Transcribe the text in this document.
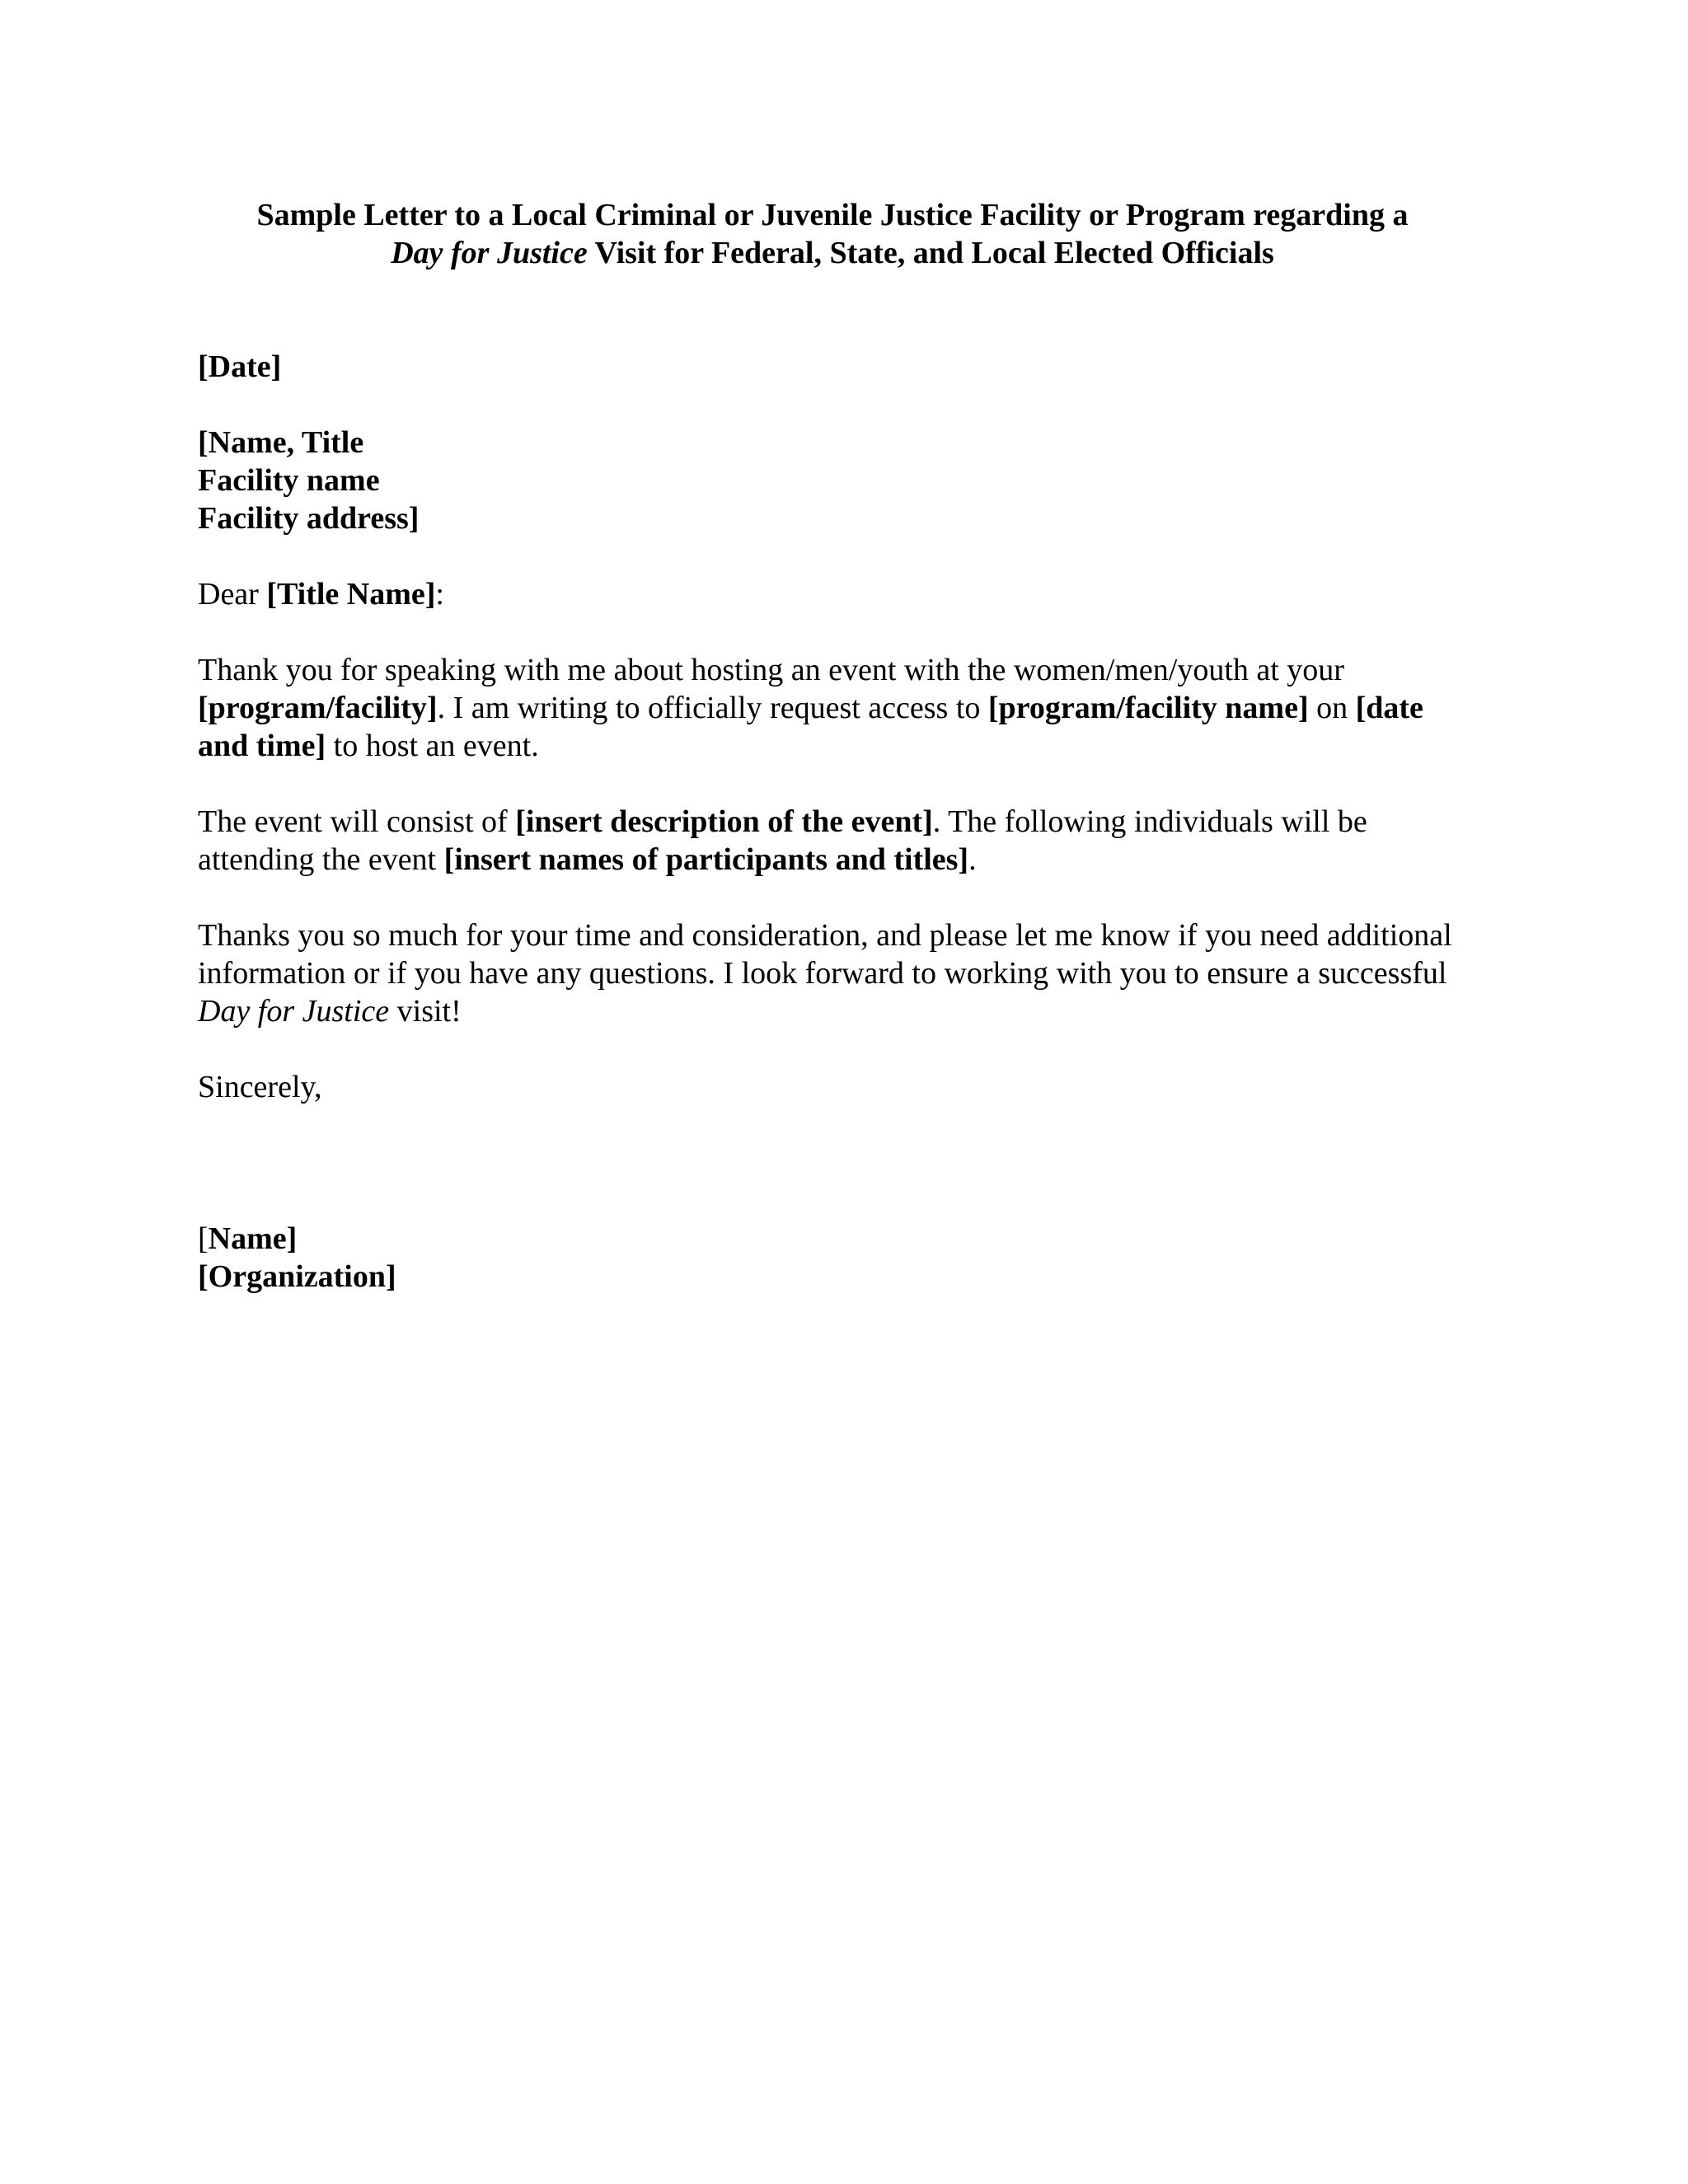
Sample Letter to a Local Criminal or Juvenile Justice Facility or Program regarding a
Day for Justice Visit for Federal, State, and Local Elected Officials
[Date]
[Name, Title
Facility name
Facility address]
Dear [Title Name]:
Thank you for speaking with me about hosting an event with the women/men/youth at your [program/facility]. I am writing to officially request access to [program/facility name] on [date and time] to host an event.
The event will consist of [insert description of the event]. The following individuals will be attending the event [insert names of participants and titles].
Thanks you so much for your time and consideration, and please let me know if you need additional information or if you have any questions. I look forward to working with you to ensure a successful Day for Justice visit!
Sincerely,
[Name]
[Organization]
